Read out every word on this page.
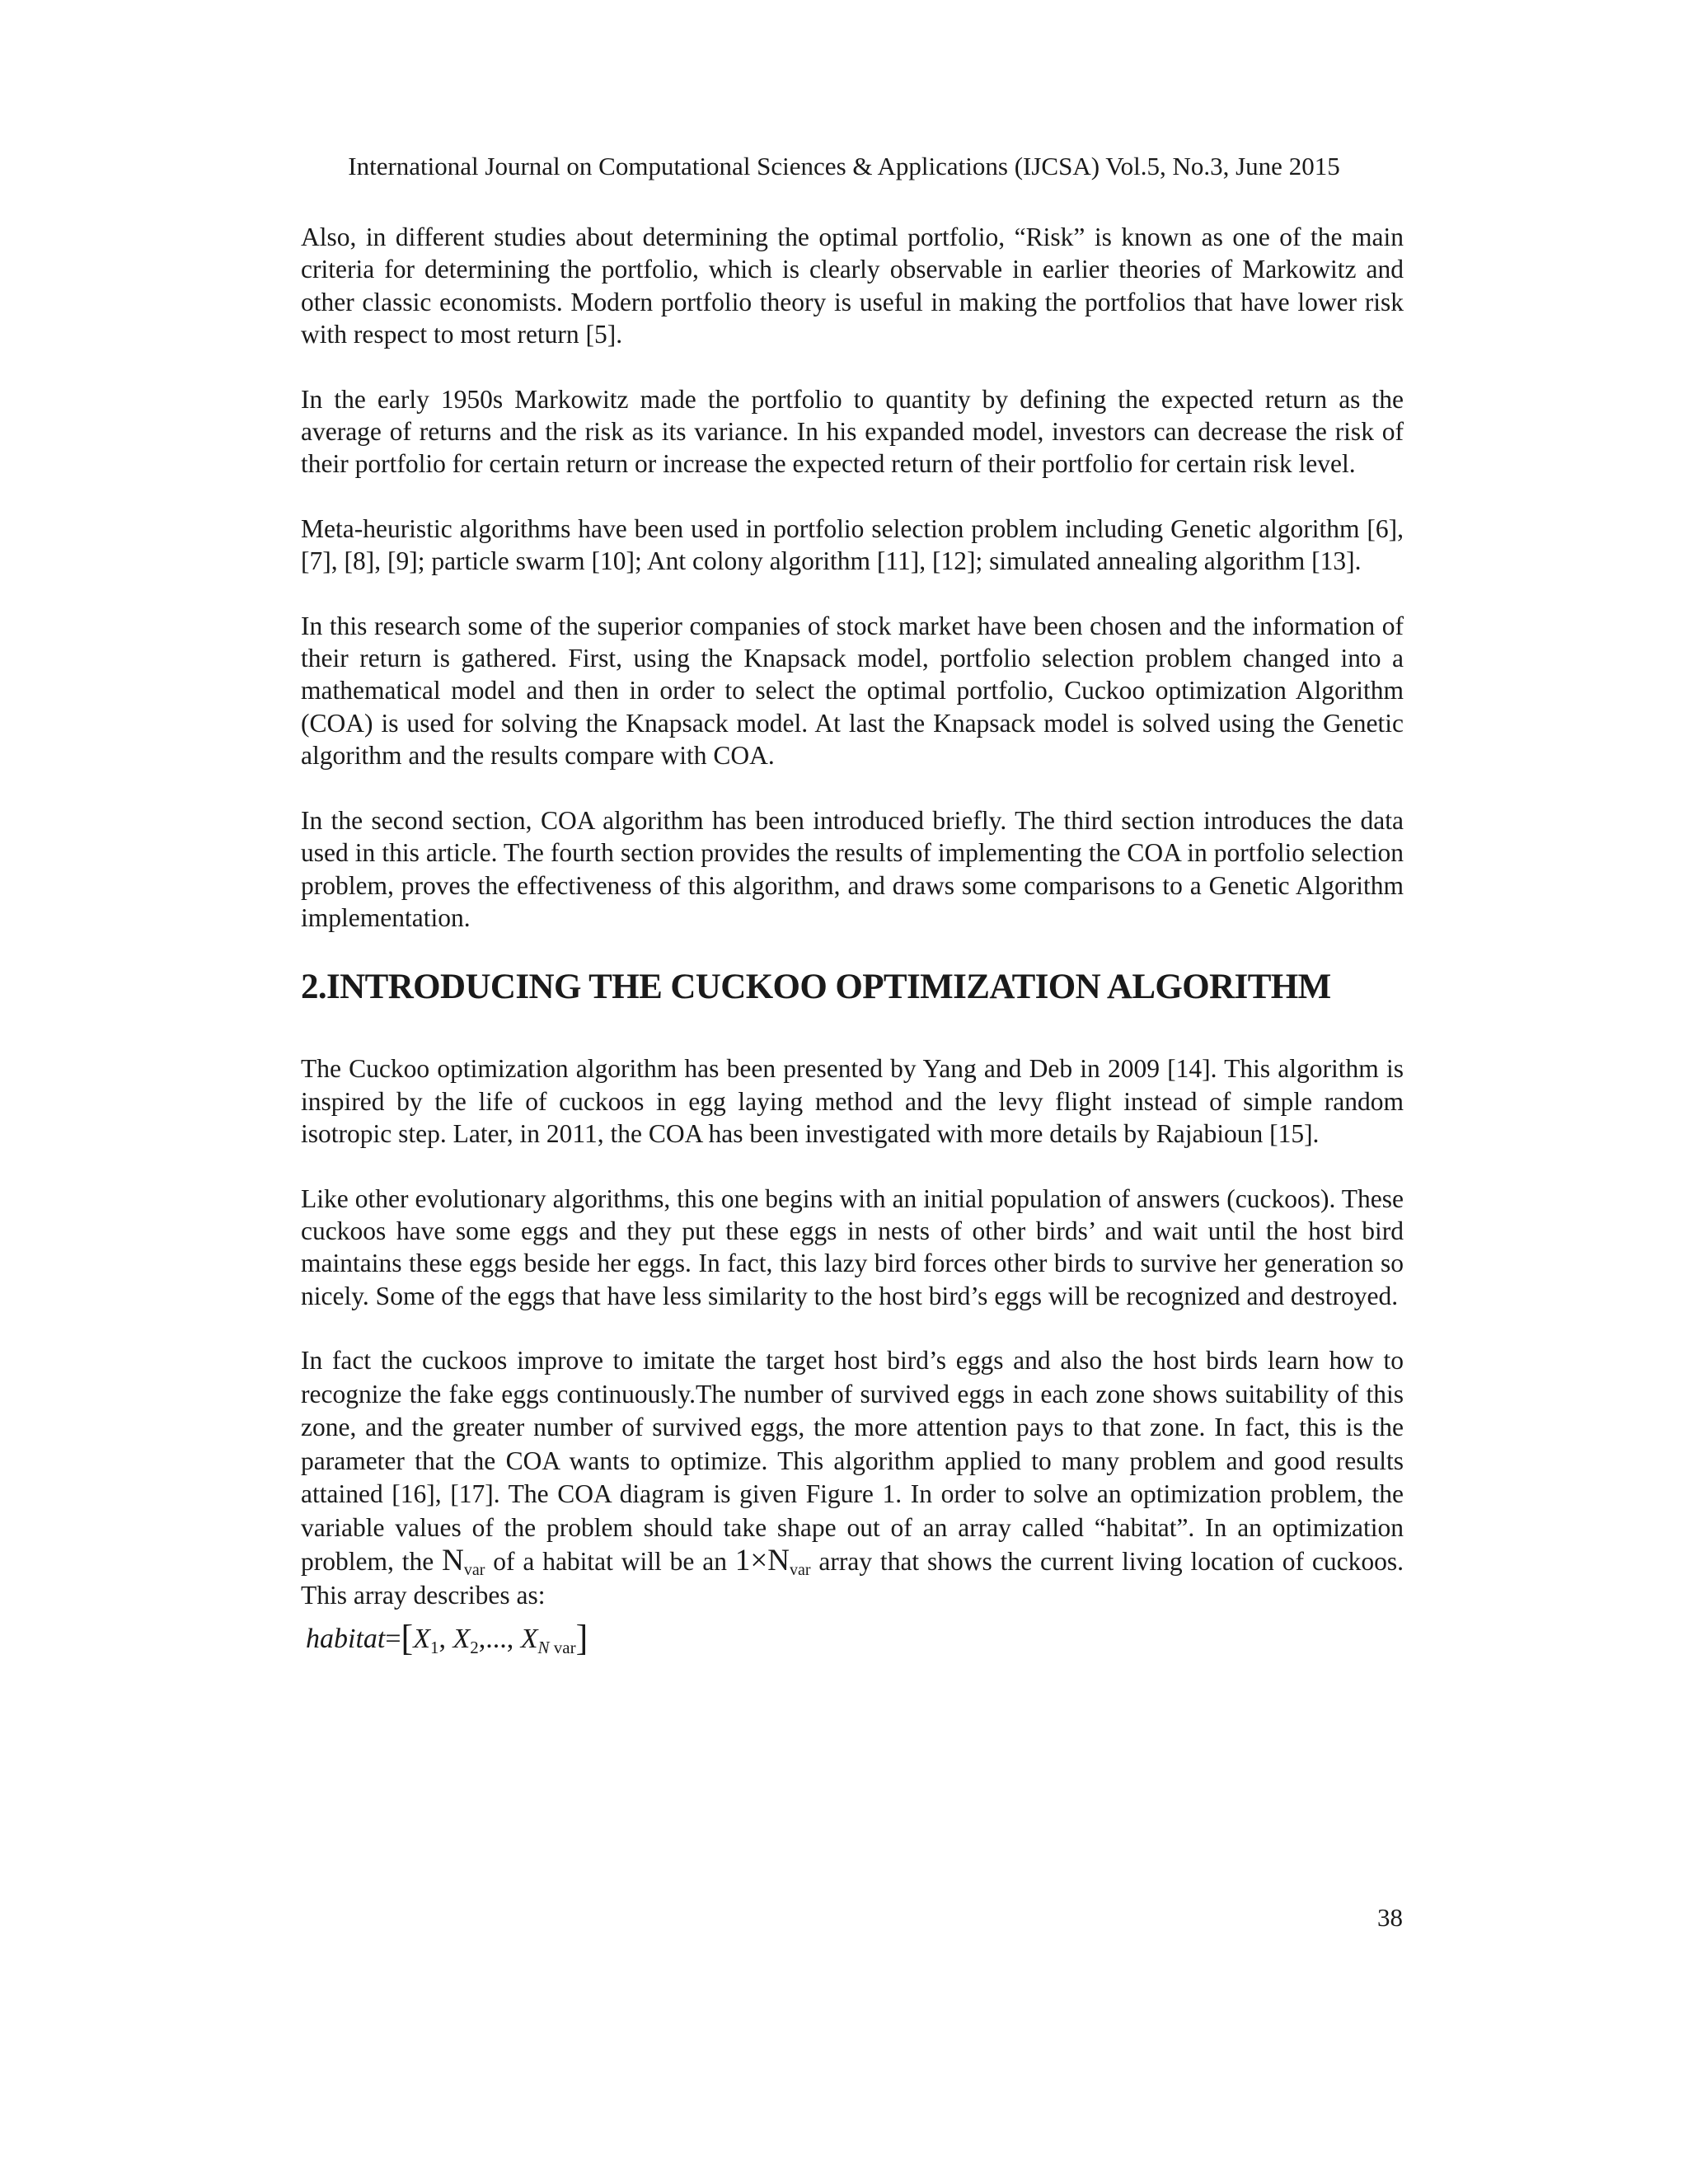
International Journal on Computational Sciences & Applications (IJCSA) Vol.5, No.3, June 2015

Also, in different studies about determining the optimal portfolio, “Risk” is known as one of the main criteria for determining the portfolio, which is clearly observable in earlier theories of Markowitz and other classic economists. Modern portfolio theory is useful in making the portfolios that have lower risk with respect to most return [5].

In the early 1950s Markowitz made the portfolio to quantity by defining the expected return as the average of returns and the risk as its variance. In his expanded model, investors can decrease the risk of their portfolio for certain return or increase the expected return of their portfolio for certain risk level.

Meta-heuristic algorithms have been used in portfolio selection problem including Genetic algorithm [6], [7], [8], [9]; particle swarm [10]; Ant colony algorithm [11], [12]; simulated annealing algorithm [13].

In this research some of the superior companies of stock market have been chosen and the information of their return is gathered. First, using the Knapsack model, portfolio selection problem changed into a mathematical model and then in order to select the optimal portfolio, Cuckoo optimization Algorithm (COA) is used for solving the Knapsack model. At last the Knapsack model is solved using the Genetic algorithm and the results compare with COA.

In the second section, COA algorithm has been introduced briefly. The third section introduces the data used in this article. The fourth section provides the results of implementing the COA in portfolio selection problem, proves the effectiveness of this algorithm, and draws some comparisons to a Genetic Algorithm implementation.

2.INTRODUCING THE CUCKOO OPTIMIZATION ALGORITHM

The Cuckoo optimization algorithm has been presented by Yang and Deb in 2009 [14]. This algorithm is inspired by the life of cuckoos in egg laying method and the levy flight instead of simple random isotropic step. Later, in 2011, the COA has been investigated with more details by Rajabioun [15].

Like other evolutionary algorithms, this one begins with an initial population of answers (cuckoos). These cuckoos have some eggs and they put these eggs in nests of other birds’ and wait until the host bird maintains these eggs beside her eggs. In fact, this lazy bird forces other birds to survive her generation so nicely. Some of the eggs that have less similarity to the host bird’s eggs will be recognized and destroyed.

In fact the cuckoos improve to imitate the target host bird’s eggs and also the host birds learn how to recognize the fake eggs continuously.The number of survived eggs in each zone shows suitability of this zone, and the greater number of survived eggs, the more attention pays to that zone. In fact, this is the parameter that the COA wants to optimize. This algorithm applied to many problem and good results attained [16], [17]. The COA diagram is given Figure 1. In order to solve an optimization problem, the variable values of the problem should take shape out of an array called “habitat”. In an optimization problem, the $N_{var}$ of a habitat will be an $1\times N_{var}$ array that shows the current living location of cuckoos. This array describes as:

$habitat=[X_1$, $X_2$,..., $X_{N var}$]

38
